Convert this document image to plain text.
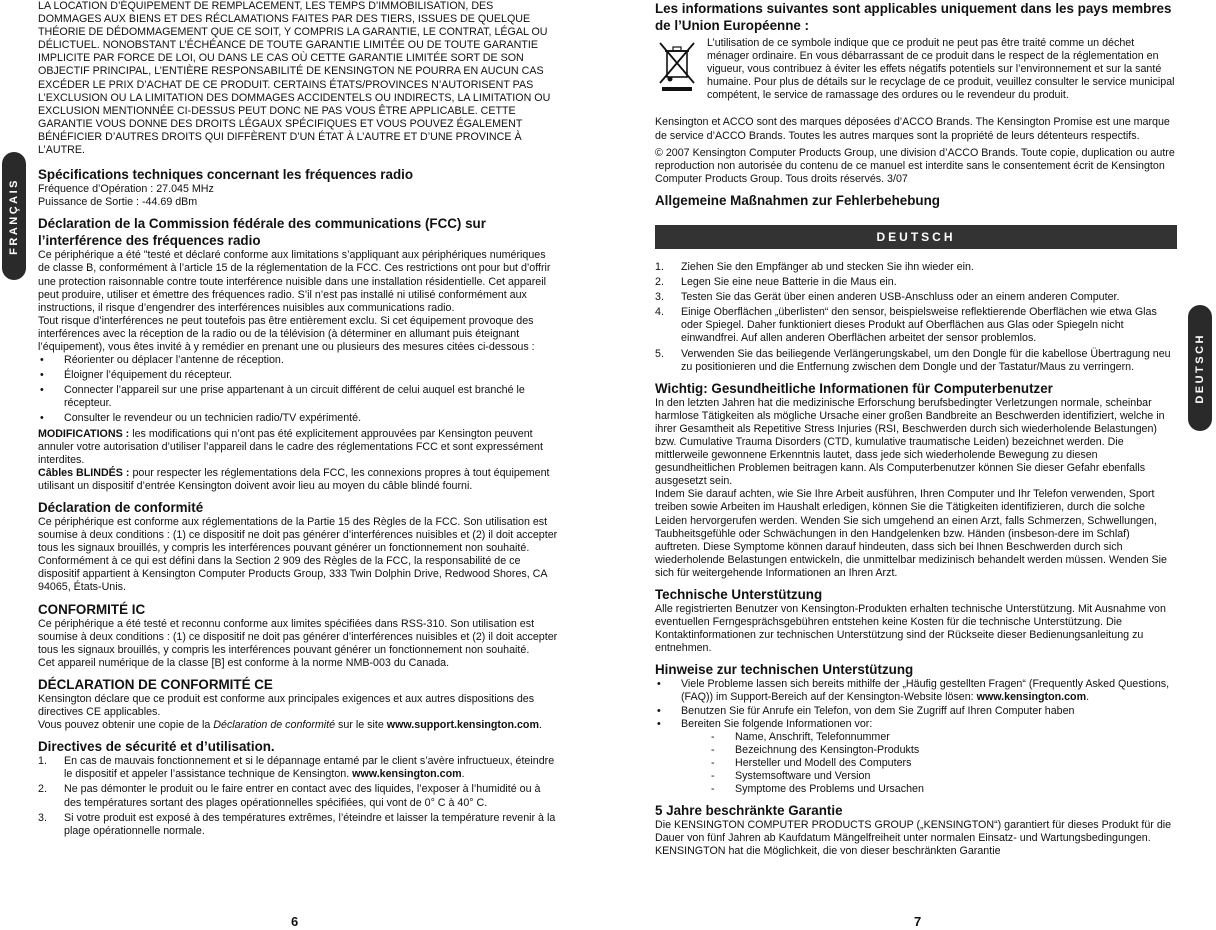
FRANÇAIS
DEUTSCH

LA LOCATION D’ÉQUIPEMENT DE REMPLACEMENT, LES TEMPS D’IMMOBILISATION, DES DOMMAGES AUX BIENS ET DES RÉCLAMATIONS FAITES PAR DES TIERS, ISSUES DE QUELQUE THÉORIE DE DÉDOMMAGEMENT QUE CE SOIT, Y COMPRIS LA GARANTIE, LE CONTRAT, LÉGAL OU DÉLICTUEL. NONOBSTANT L’ÉCHÉANCE DE TOUTE GARANTIE LIMITÉE OU DE TOUTE GARANTIE IMPLICITE PAR FORCE DE LOI, OU DANS LE CAS OÙ CETTE GARANTIE LIMITÉE SORT DE SON OBJECTIF PRINCIPAL, L’ENTIÈRE RESPONSABILITÉ DE KENSINGTON NE POURRA EN AUCUN CAS EXCÉDER LE PRIX D’ACHAT DE CE PRODUIT. CERTAINS ÉTATS/PROVINCES N’AUTORISENT PAS L’EXCLUSION OU LA LIMITATION DES DOMMAGES ACCIDENTELS OU INDIRECTS, LA LIMITATION OU EXCLUSION MENTIONNÉE CI-DESSUS PEUT DONC NE PAS VOUS ÊTRE APPLICABLE. CETTE GARANTIE VOUS DONNE DES DROITS LÉGAUX SPÉCIFIQUES ET VOUS POUVEZ ÉGALEMENT BÉNÉFICIER D’AUTRES DROITS QUI DIFFÈRENT D’UN ÉTAT À L’AUTRE ET D’UNE PROVINCE À L’AUTRE.

Spécifications techniques concernant les fréquences radio

Fréquence d’Opération : 27.045 MHz

Puissance de Sortie : -44.69 dBm

Déclaration de la Commission fédérale des communications (FCC) sur l’interférence des fréquences radio

Ce périphérique a été "testé et déclaré conforme aux limitations s’appliquant aux périphériques numériques de classe B, conformément à l’article 15 de la réglementation de la FCC. Ces restrictions ont pour but d’offrir une protection raisonnable contre toute interférence nuisible dans une installation résidentielle. Cet appareil peut produire, utiliser et émettre des fréquences radio. S’il n’est pas installé ni utilisé conformément aux instructions, il risque d’engendrer des interférences nuisibles aux communications radio.

Tout risque d’interférences ne peut toutefois pas être entièrement exclu. Si cet équipement provoque des interférences avec la réception de la radio ou de la télévision (à déterminer en allumant puis éteignant l’équipement), vous êtes invité à y remédier en prenant une ou plusieurs des mesures citées ci-dessous :

• Réorienter ou déplacer l’antenne de réception.
• Éloigner l’équipement du récepteur.
• Connecter l’appareil sur une prise appartenant à un circuit différent de celui auquel est branché le récepteur.
• Consulter le revendeur ou un technicien radio/TV expérimenté.

MODIFICATIONS : les modifications qui n’ont pas été explicitement approuvées par Kensington peuvent annuler votre autorisation d’utiliser l’appareil dans le cadre des réglementations FCC et sont expressément interdites.

Câbles BLINDÉS : pour respecter les réglementations dela FCC, les connexions propres à tout équipement utilisant un dispositif d’entrée Kensington doivent avoir lieu au moyen du câble blindé fourni.

Déclaration de conformité

Ce périphérique est conforme aux réglementations de la Partie 15 des Règles de la FCC. Son utilisation est soumise à deux conditions : (1) ce dispositif ne doit pas générer d’interférences nuisibles et (2) il doit accepter tous les signaux brouillés, y compris les interférences pouvant générer un fonctionnement non souhaité. Conformément à ce qui est défini dans la Section 2 909 des Règles de la FCC, la responsabilité de ce dispositif appartient à Kensington Computer Products Group, 333 Twin Dolphin Drive, Redwood Shores, CA 94065, États-Unis.

CONFORMITÉ IC

Ce périphérique a été testé et reconnu conforme aux limites spécifiées dans RSS-310. Son utilisation est soumise à deux conditions : (1) ce dispositif ne doit pas générer d’interférences nuisibles et (2) il doit accepter tous les signaux brouillés, y compris les interférences pouvant générer un fonctionnement non souhaité.

Cet appareil numérique de la classe [B] est conforme à la norme NMB-003 du Canada.

DÉCLARATION DE CONFORMITÉ CE

Kensington déclare que ce produit est conforme aux principales exigences et aux autres dispositions des directives CE applicables.

Vous pouvez obtenir une copie de la Déclaration de conformité sur le site www.support.kensington.com.

Directives de sécurité et d’utilisation.
1. En cas de mauvais fonctionnement et si le dépannage entamé par le client s’avère infructueux, éteindre le dispositif et appeler l’assistance technique de Kensington. www.kensington.com.
2. Ne pas démonter le produit ou le faire entrer en contact avec des liquides, l’exposer à l’humidité ou à des températures sortant des plages opérationnelles spécifiées, qui vont de 0° C à 40° C.
3. Si votre produit est exposé à des températures extrêmes, l’éteindre et laisser la température revenir à la plage opérationnelle normale.
Les informations suivantes sont applicables uniquement dans les pays membres de l’Union Européenne :

L’utilisation de ce symbole indique que ce produit ne peut pas être traité comme un déchet ménager ordinaire. En vous débarrassant de ce produit dans le respect de la réglementation en vigueur, vous contribuez à éviter les effets négatifs potentiels sur l’environnement et sur la santé humaine. Pour plus de détails sur le recyclage de ce produit, veuillez consulter le service municipal compétent, le service de ramassage des ordures ou le revendeur du produit.

Kensington et ACCO sont des marques déposées d’ACCO Brands. The Kensington Promise est une marque de service d’ACCO Brands. Toutes les autres marques sont la propriété de leurs détenteurs respectifs.

© 2007 Kensington Computer Products Group, une division d’ACCO Brands. Toute copie, duplication ou autre reproduction non autorisée du contenu de ce manuel est interdite sans le consentement écrit de Kensington Computer Products Group. Tous droits réservés. 3/07

Allgemeine Maßnahmen zur Fehlerbehebung
DEUTSCH
1. Ziehen Sie den Empfänger ab und stecken Sie ihn wieder ein.
2. Legen Sie eine neue Batterie in die Maus ein.
3. Testen Sie das Gerät über einen anderen USB-Anschluss oder an einem anderen Computer.
4. Einige Oberflächen „überlisten“ den sensor, beispielsweise reflektierende Oberflächen wie etwa Glas oder Spiegel. Daher funktioniert dieses Produkt auf Oberflächen aus Glas oder Spiegeln nicht einwandfrei. Auf allen anderen Oberflächen arbeitet der sensor problemlos.
5. Verwenden Sie das beiliegende Verlängerungskabel, um den Dongle für die kabellose Übertragung neu zu positionieren und die Entfernung zwischen dem Dongle und der Tastatur/Maus zu verringern.
Wichtig: Gesundheitliche Informationen für Computerbenutzer

In den letzten Jahren hat die medizinische Erforschung berufsbedingter Verletzungen normale, scheinbar harmlose Tätigkeiten als mögliche Ursache einer großen Bandbreite an Beschwerden identifiziert, welche in ihrer Gesamtheit als Repetitive Stress Injuries (RSI, Beschwerden durch sich wiederholende Belastungen) bzw. Cumulative Trauma Disorders (CTD, kumulative traumatische Leiden) bezeichnet werden. Die mittlerweile gewonnene Erkenntnis lautet, dass jede sich wiederholende Bewegung zu diesen gesundheitlichen Problemen beitragen kann. Als Computerbenutzer können Sie dieser Gefahr ebenfalls ausgesetzt sein.

Indem Sie darauf achten, wie Sie Ihre Arbeit ausführen, Ihren Computer und Ihr Telefon verwenden, Sport treiben sowie Arbeiten im Haushalt erledigen, können Sie die Tätigkeiten identifizieren, durch die solche Leiden hervorgerufen werden. Wenden Sie sich umgehend an einen Arzt, falls Schmerzen, Schwellungen, Taubheitsgefühle oder Schwächungen in den Handgelenken bzw. Händen (insbeson-dere im Schlaf) auftreten. Diese Symptome können darauf hindeuten, dass sich bei Ihnen Beschwerden durch sich wiederholende Belastungen entwickeln, die unmittelbar medizinisch behandelt werden müssen. Wenden Sie sich für weitergehende Informationen an Ihren Arzt.

Technische Unterstützung

Alle registrierten Benutzer von Kensington-Produkten erhalten technische Unterstützung. Mit Ausnahme von eventuellen Ferngesprächsgebühren entstehen keine Kosten für die technische Unterstützung. Die Kontaktinformationen zur technischen Unterstützung sind der Rückseite dieser Bedienungsanleitung zu entnehmen.

Hinweise zur technischen Unterstützung
• Viele Probleme lassen sich bereits mithilfe der „Häufig gestellten Fragen“ (Frequently Asked Questions, (FAQ)) im Support-Bereich auf der Kensington-Website lösen: www.kensington.com.
• Benutzen Sie für Anrufe ein Telefon, von dem Sie Zugriff auf Ihren Computer haben
• Bereiten Sie folgende Informationen vor:
- Name, Anschrift, Telefonnummer
- Bezeichnung des Kensington-Produkts
- Hersteller und Modell des Computers
- Systemsoftware und Version
- Symptome des Problems und Ursachen
5 Jahre beschränkte Garantie

Die KENSINGTON COMPUTER PRODUCTS GROUP („KENSINGTON“) garantiert für dieses Produkt für die Dauer von fünf Jahren ab Kaufdatum Mängelfreiheit unter normalen Einsatz- und Wartungsbedingungen. KENSINGTON hat die Möglichkeit, die von dieser beschränkten Garantie

6	7
